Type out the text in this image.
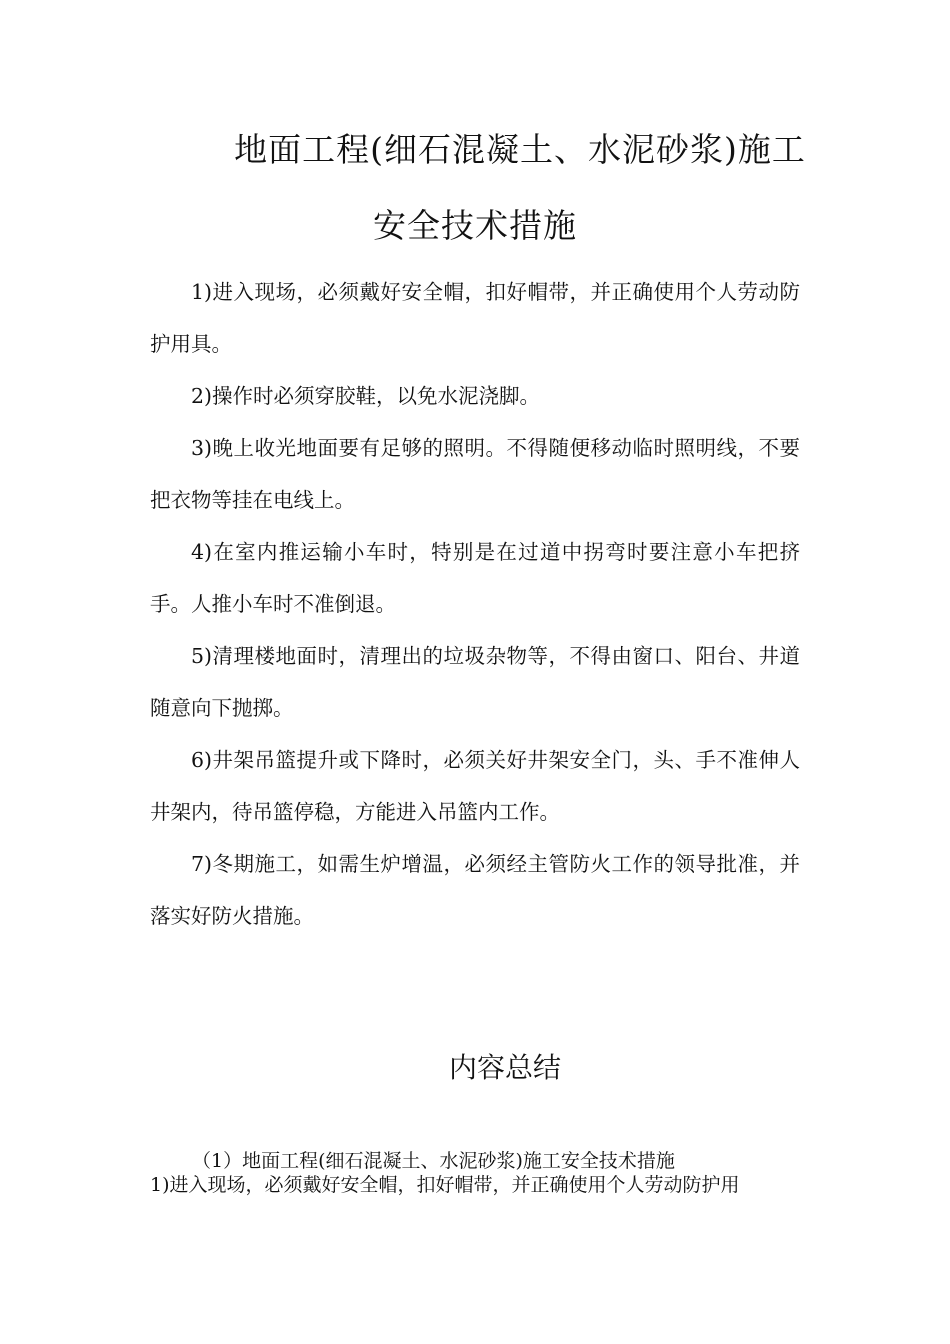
地面工程(细石混凝土、水泥砂浆)施工
安全技术措施

1)进入现场，必须戴好安全帽，扣好帽带，并正确使用个人劳动防护用具。

2)操作时必须穿胶鞋，以免水泥浇脚。

3)晚上收光地面要有足够的照明。不得随便移动临时照明线，不要把衣物等挂在电线上。

4)在室内推运输小车时，特别是在过道中拐弯时要注意小车把挤手。人推小车时不准倒退。

5)清理楼地面时，清理出的垃圾杂物等，不得由窗口、阳台、井道随意向下抛掷。

6)井架吊篮提升或下降时，必须关好井架安全门，头、手不准伸人井架内，待吊篮停稳，方能进入吊篮内工作。

7)冬期施工，如需生炉增温，必须经主管防火工作的领导批准，并落实好防火措施。

内容总结

（1）地面工程(细石混凝土、水泥砂浆)施工安全技术措施

1)进入现场，必须戴好安全帽，扣好帽带，并正确使用个人劳动防护用
